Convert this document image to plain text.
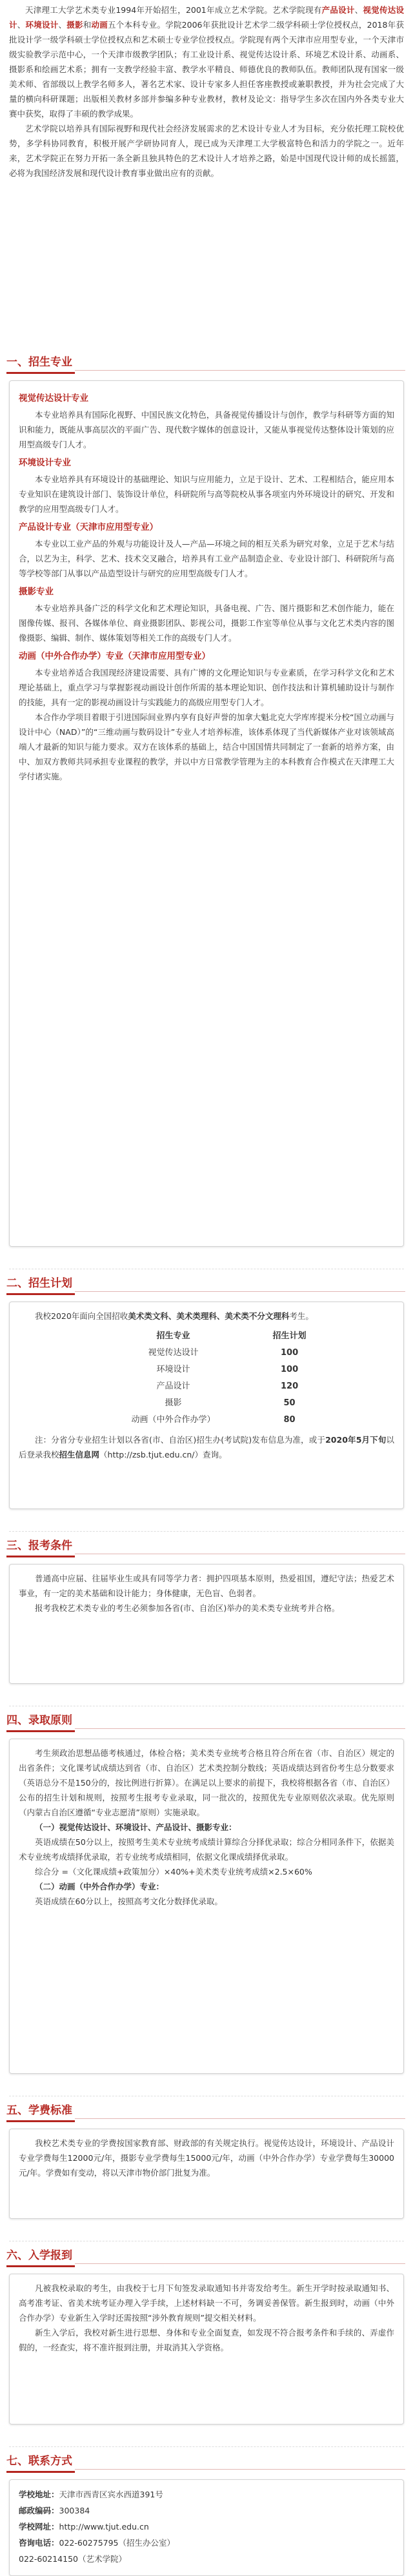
天津理工大学艺术类专业1994年开始招生，2001年成立艺术学院。艺术学院现有产品设计、视觉传达设计、环境设计、摄影和动画五个本科专业。学院2006年获批设计艺术学二级学科硕士学位授权点，2018年获批设计学一级学科硕士学位授权点和艺术硕士专业学位授权点。学院现有两个天津市应用型专业，一个天津市级实验教学示范中心，一个天津市级教学团队；有工业设计系、视觉传达设计系、环境艺术设计系、动画系、摄影系和绘画艺术系；拥有一支教学经验丰富、教学水平精良、师德优良的教师队伍。教师团队现有国家一级美术师、省部级以上教学名师多人，著名艺术家、设计专家多人担任客座教授或兼职教授，并为社会完成了大量的横向科研课题；出版相关教材多部并参编多种专业教材，教材及论文：指导学生多次在国内外各类专业大赛中获奖，取得了丰硕的教学成果。

艺术学院以培养具有国际视野和现代社会经济发展需求的艺术设计专业人才为目标，充分依托理工院校优势，多学科协同教育，积极开展产学研协同育人，现已成为天津理工大学极富特色和活力的学院之一。近年来，艺术学院正在努力开拓一条全新且独具特色的艺术设计人才培养之路，始是中国现代设计师的成长摇篮，必将为我国经济发展和现代设计教育事业做出应有的贡献。

一、招生专业
视觉传达设计专业

本专业培养具有国际化视野、中国民族文化特色，具备视觉传播设计与创作，教学与科研等方面的知识和能力，既能从事高层次的平面广告、现代数字媒体的创意设计，又能从事视觉传达整体设计策划的应用型高级专门人才。

环境设计专业

本专业培养具有环境设计的基础理论、知识与应用能力，立足于设计、艺术、工程相结合，能应用本专业知识在建筑设计部门、装饰设计单位，科研院所与高等院校从事各项室内外环境设计的研究、开发和教学的应用型高级专门人才。

产品设计专业（天津市应用型专业）

本专业以工业产品的外观与功能设计及人—产品—环境之间的相互关系为研究对象，立足于艺术与结合，以艺为主，科学、艺术、技术交叉融合，培养具有工业产品制造企业、专业设计部门、科研院所与高等学校等部门从事以产品造型设计与研究的应用型高级专门人才。

摄影专业

本专业培养具备广泛的科学文化和艺术理论知识，具备电视、广告、图片摄影和艺术创作能力，能在图像传媒、报刊、各媒体单位、商业摄影团队、影视公司，摄影工作室等单位从事与文化艺术类内容的图像摄影、编辑、制作、媒体策划等相关工作的高级专门人才。

动画（中外合作办学）专业（天津市应用型专业）

本专业培养适合我国现经济建设需要、具有广博的文化理论知识与专业素质，在学习科学文化和艺术理论基础上，重点学习与掌握影视动画设计创作所需的基本理论知识、创作技法和计算机辅助设计与制作的技能，具有一定的影视动画设计与实践能力的高级应用型专门人才。

本合作办学项目着眼于引进国际间业界内享有良好声誉的加拿大魁北克大学库库提米分校“国立动画与设计中心（NAD）”的“三维动画与数码设计”专业人才培养标准，该体系体现了当代新媒体产业对该领域高端人才最新的知识与能力要求。双方在该体系的基础上，结合中国国情共同制定了一套新的培养方案，由中、加双方教师共同承担专业课程的教学，并以中方日常教学管理为主的本科教育合作模式在天津理工大学付诸实施。

二、招生计划

我校2020年面向全国招收美术类文科、美术类理科、美术类不分文理科考生。

招生专业	招生计划
视觉传达设计	100
环境设计	100
产品设计	120
摄影	50
动画（中外合作办学）	80

注：分省分专业招生计划以各省(市、自治区)招生办(考试院)发布信息为准，或于2020年5月下旬以后登录我校招生信息网（http://zsb.tjut.edu.cn/）查询。

三、报考条件

普通高中应届、往届毕业生或具有同等学力者：拥护四项基本原则，热爱祖国，遵纪守法；热爱艺术事业，有一定的美术基础和设计能力；身体健康，无色盲、色弱者。

报考我校艺术类专业的考生必须参加各省(市、自治区)举办的美术类专业统考并合格。

四、录取原则

考生须政治思想品德考核通过，体检合格；美术类专业统考合格且符合所在省（市、自治区）规定的出省条件；文化课考试成绩达到省（市、自治区）艺术类控制分数线；英语成绩达到省份考生总分数要求（英语总分不是150分的，按比例进行折算）。在满足以上要求的前提下，我校将根据各省（市、自治区）公布的招生计划和规则，按照考生报考专业录取，同一批次的，按照优先专业原则依次录取。优先原则（内蒙古自治区遵循“专业志愿清”原则）实施录取。

（一）视觉传达设计、环境设计、产品设计、摄影专业：

英语成绩在50分以上，按照考生美术专业统考成绩计算综合分择优录取；综合分相同条件下，依据美术专业统考成绩择优录取，若专业统考成绩相同，依据文化课成绩择优录取。

综合分 =（文化课成绩+政策加分）×40%+美术类专业统考成绩×2.5×60%

（二）动画（中外合作办学）专业：

英语成绩在60分以上，按照高考文化分数择优录取。

五、学费标准

我校艺术类专业的学费按国家教育部、财政部的有关规定执行。视觉传达设计，环境设计、产品设计专业学费每生12000元/年，摄影专业学费每生15000元/年，动画（中外合作办学）专业学费每生30000元/年。学费如有变动，将以天津市物价部门批复为准。

六、入学报到

凡被我校录取的考生，由我校于七月下旬签发录取通知书并寄发给考生。新生开学时按录取通知书、高考准考证、省美术统考证办理入学手续，上述材料缺一不可，务调妥善保管。新生报到时，动画（中外合作办学）专业新生入学时还需按照“涉外教育规则”提交相关材料。

新生入学后，我校对新生进行思想、身体和专业全面复查，如发现不符合报考条件和手续的、弄虚作假的，一经查实，将不准许报到注册，并取消其入学资格。

七、联系方式
学校地址：天津市西青区宾水西道391号
邮政编码：300384
学校网址：http://www.tjut.edu.cn
咨询电话：022-60275795（招生办公室）
022-60214150（艺术学院）
